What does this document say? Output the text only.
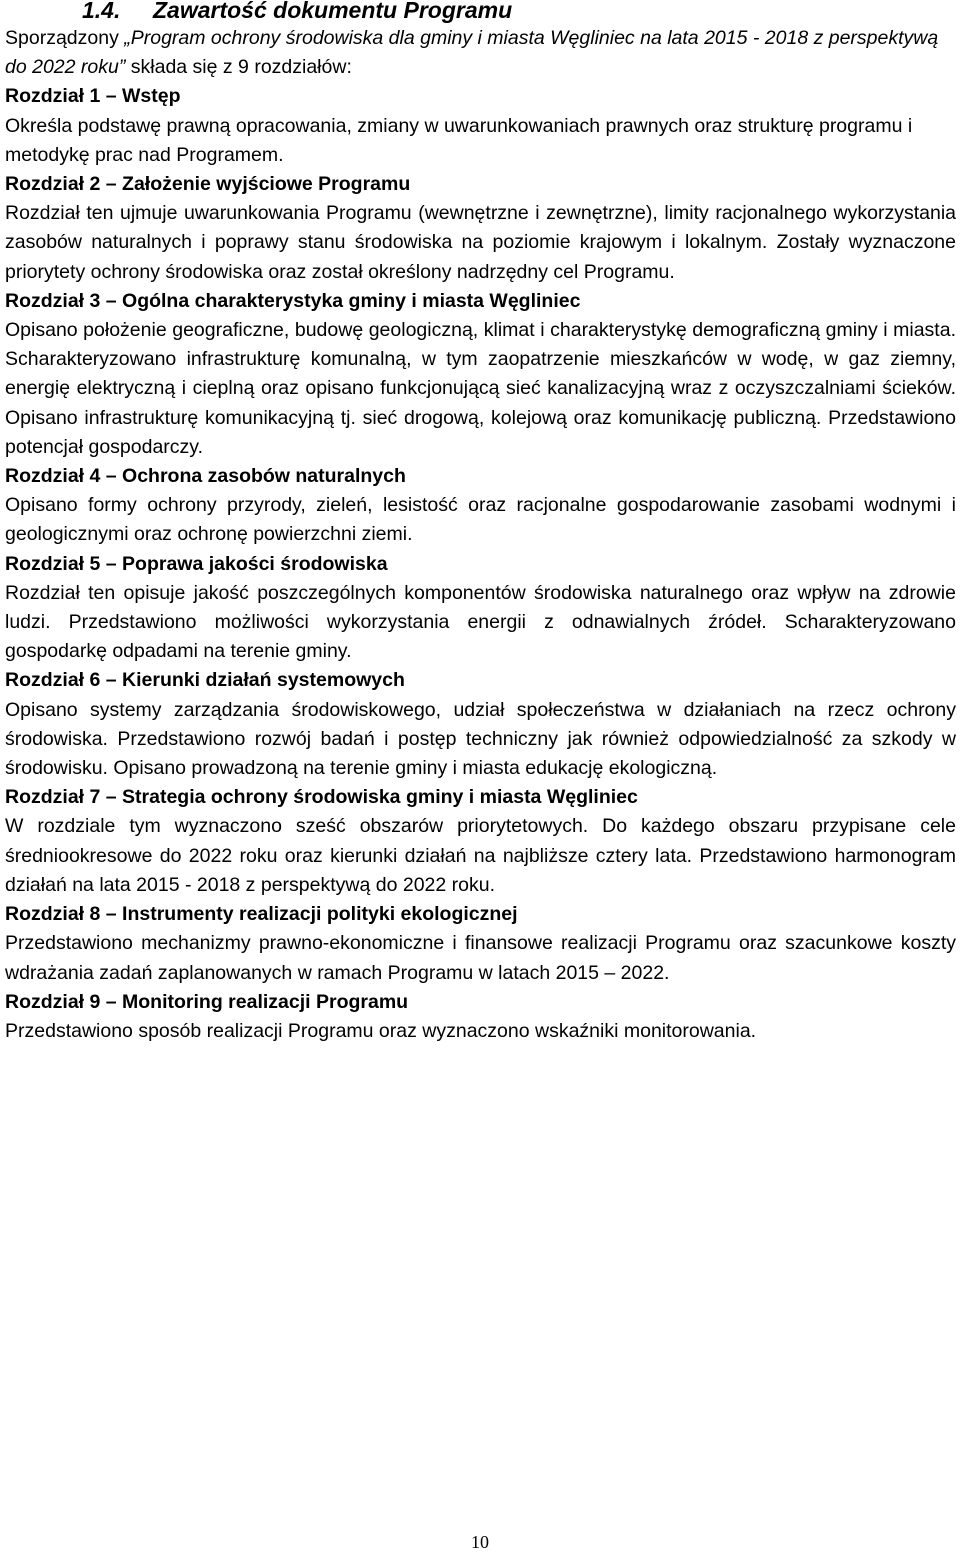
1.4. Zawartość dokumentu Programu

Sporządzony „Program ochrony środowiska dla gminy i miasta Węgliniec na lata 2015 - 2018 z perspektywą do 2022 roku” składa się z 9 rozdziałów:

Rozdział 1 – Wstęp

Określa podstawę prawną opracowania, zmiany w uwarunkowaniach prawnych oraz strukturę programu i metodykę prac nad Programem.

Rozdział 2 – Założenie wyjściowe Programu

Rozdział ten ujmuje uwarunkowania Programu (wewnętrzne i zewnętrzne), limity racjonalnego wykorzystania zasobów naturalnych i poprawy stanu środowiska na poziomie krajowym i lokalnym. Zostały wyznaczone priorytety ochrony środowiska oraz został określony nadrzędny cel Programu.

Rozdział 3 – Ogólna charakterystyka gminy i miasta Węgliniec

Opisano położenie geograficzne, budowę geologiczną, klimat i charakterystykę demograficzną gminy i miasta. Scharakteryzowano infrastrukturę komunalną, w tym zaopatrzenie mieszkańców w wodę, w gaz ziemny, energię elektryczną i cieplną oraz opisano funkcjonującą sieć kanalizacyjną wraz z oczyszczalniami ścieków. Opisano infrastrukturę komunikacyjną tj. sieć drogową, kolejową oraz komunikację publiczną. Przedstawiono potencjał gospodarczy.

Rozdział 4 – Ochrona zasobów naturalnych

Opisano formy ochrony przyrody, zieleń, lesistość oraz racjonalne gospodarowanie zasobami wodnymi i geologicznymi oraz ochronę powierzchni ziemi.

Rozdział 5 – Poprawa jakości środowiska

Rozdział ten opisuje jakość poszczególnych komponentów środowiska naturalnego oraz wpływ na zdrowie ludzi. Przedstawiono możliwości wykorzystania energii z odnawialnych źródeł. Scharakteryzowano gospodarkę odpadami na terenie gminy.

Rozdział 6 – Kierunki działań systemowych

Opisano systemy zarządzania środowiskowego, udział społeczeństwa w działaniach na rzecz ochrony środowiska. Przedstawiono rozwój badań i postęp techniczny jak również odpowiedzialność za szkody w środowisku. Opisano prowadzoną na terenie gminy i miasta edukację ekologiczną.

Rozdział 7 – Strategia ochrony środowiska gminy i miasta Węgliniec

W rozdziale tym wyznaczono sześć obszarów priorytetowych. Do każdego obszaru przypisane cele średniookresowe do 2022 roku oraz kierunki działań na najbliższe cztery lata. Przedstawiono harmonogram działań na lata 2015 - 2018 z perspektywą do 2022 roku.

Rozdział 8 – Instrumenty realizacji polityki ekologicznej

Przedstawiono mechanizmy prawno-ekonomiczne i finansowe realizacji Programu oraz szacunkowe koszty wdrażania zadań zaplanowanych w ramach Programu w latach 2015 – 2022.

Rozdział 9 – Monitoring realizacji Programu

Przedstawiono sposób realizacji Programu oraz wyznaczono wskaźniki monitorowania.

10
